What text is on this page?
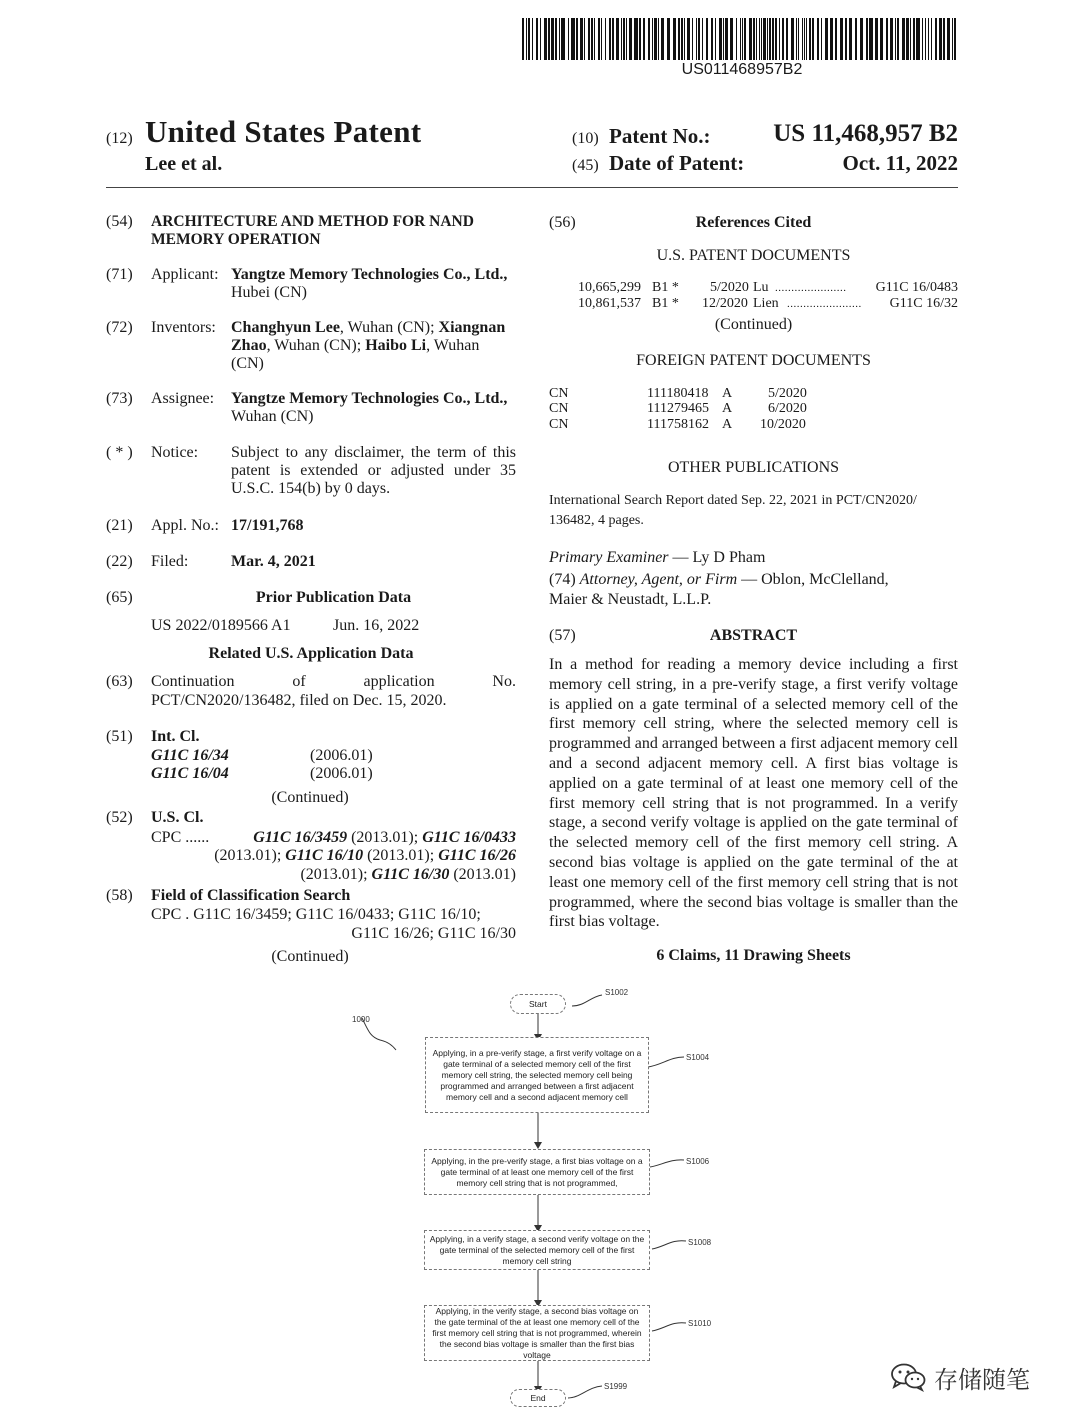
US011468957B2
(12) United States Patent
Lee et al.
(10) Patent No.:	US 11,468,957 B2
(45) Date of Patent:	Oct. 11, 2022
(54) ARCHITECTURE AND METHOD FOR NAND MEMORY OPERATION
(71) Applicant: Yangtze Memory Technologies Co., Ltd., Hubei (CN)
(72) Inventors: Changhyun Lee, Wuhan (CN); Xiangnan Zhao, Wuhan (CN); Haibo Li, Wuhan (CN)
(73) Assignee: Yangtze Memory Technologies Co., Ltd., Wuhan (CN)
( * ) Notice: Subject to any disclaimer, the term of this patent is extended or adjusted under 35 U.S.C. 154(b) by 0 days.
(21) Appl. No.: 17/191,768
(22) Filed:	Mar. 4, 2021
(65)	Prior Publication Data
US 2022/0189566 A1	Jun. 16, 2022
Related U.S. Application Data
(63) Continuation	of	application	No.
PCT/CN2020/136482, filed on Dec. 15, 2020.
(51) Int. Cl.
G11C 16/34	(2006.01)
G11C 16/04	(2006.01)
(Continued)
(52) U.S. Cl.
CPC ......	G11C 16/3459 (2013.01); G11C 16/0433
(2013.01); G11C 16/10 (2013.01); G11C 16/26
(2013.01); G11C 16/30 (2013.01)
(58) Field of Classification Search
CPC . G11C 16/3459; G11C 16/0433; G11C 16/10;
G11C 16/26; G11C 16/30
(Continued)
(56)	References Cited
U.S. PATENT DOCUMENTS
10,665,299 B1 * 5/2020 Lu ...................... G11C 16/0483
10,861,537 B1 * 12/2020 Lien ....................... G11C 16/32
(Continued)
FOREIGN PATENT DOCUMENTS
CN	111180418 A	5/2020
CN	111279465 A	6/2020
CN	111758162 A 10/2020
OTHER PUBLICATIONS
International Search Report dated Sep. 22, 2021 in PCT/CN2020/
136482, 4 pages.
Primary Examiner — Ly D Pham
(74) Attorney, Agent, or Firm — Oblon, McClelland,
Maier & Neustadt, L.L.P.
(57)	ABSTRACT
In a method for reading a memory device including a first memory cell string, in a pre-verify stage, a first verify voltage is applied on a gate terminal of a selected memory cell of the first memory cell string, where the selected memory cell is programmed and arranged between a first adjacent memory cell and a second adjacent memory cell. A first bias voltage is applied on a gate terminal of at least one memory cell of the first memory cell string that is not programmed. In a verify stage, a second verify voltage is applied on the gate terminal of the selected memory cell of the first memory cell string. A second bias voltage is applied on the gate terminal of the at least one memory cell of the first memory cell string that is not programmed, where the second bias voltage is smaller than the first bias voltage.
6 Claims, 11 Drawing Sheets
1000
Start
S1002
Applying, in a pre-verify stage, a first verify voltage on a gate terminal of a selected memory cell of the first memory cell string, the selected memory cell being programmed and arranged between a first adjacent memory cell and a second adjacent memory cell
S1004
Applying, in the pre-verify stage, a first bias voltage on a gate terminal of at least one memory cell of the first memory cell string that is not programmed,
S1006
Applying, in a verify stage, a second verify voltage on the gate terminal of the selected memory cell of the first memory cell string
S1008
Applying, in the verify stage, a second bias voltage on the gate terminal of the at least one memory cell of the first memory cell string that is not programmed, wherein the second bias voltage is smaller than the first bias voltage
S1010
End
S1999	存储随笔
